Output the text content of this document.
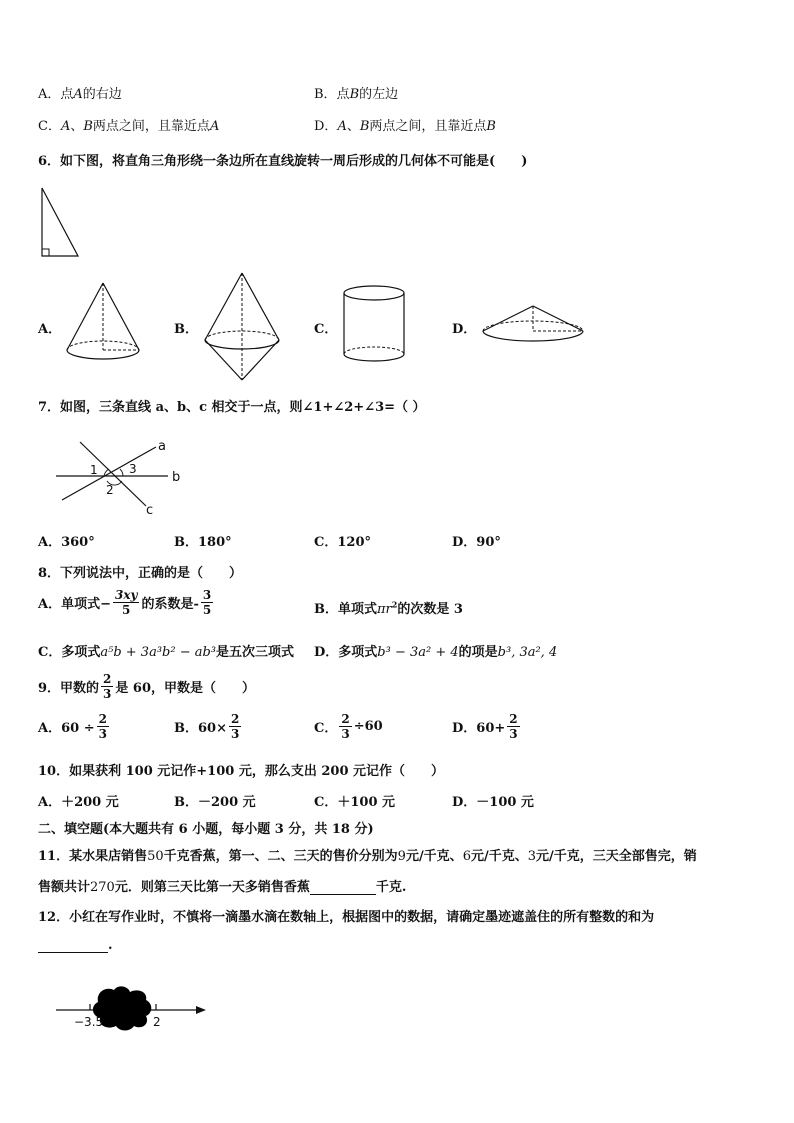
A．点A的右边	B．点B的左边
C．A、B两点之间，且靠近点A	D．A、B两点之间，且靠近点B
6．如下图，将直角三角形绕一条边所在直线旋转一周后形成的几何体不可能是(　　)
A．	B．	C．	D．
7．如图，三条直线 a、b、c 相交于一点，则∠1+∠2+∠3=（ ）
a
b
c
1
2
3
A．360°	B．180°	C．120°	D．90°
8．下列说法中，正确的是（　　）
A．单项式− $\frac{3xy}{5}$ 的系数是- $\frac{3}{5}$	B．单项式$\pi r^2$的次数是 3
C．多项式a⁵b + 3a³b² − ab³是五次三项式 D．多项式b³ − 3a² + 4的项是b³, 3a², 4
9．甲数的 $\frac{2}{3}$ 是 60，甲数是（　　）
A．$60 \div \frac{2}{3}$	B．$60\times \frac{2}{3}$	C． $\frac{2}{3} \div 60$	D．$60+ \frac{2}{3}$
10．如果获利 100 元记作+100 元，那么支出 200 元记作（　　）
A．＋200 元	B．－200 元	C．＋100 元	D．－100 元
二、填空题(本大题共有 6 小题，每小题 3 分，共 18 分)
11．某水果店销售50千克香蕉，第一、二、三天的售价分别为9元/千克、6元/千克、3元/千克，三天全部售完，销
售额共计270元．则第三天比第一天多销售香蕉	千克.
12．小红在写作业时，不慎将一滴墨水滴在数轴上，根据图中的数据，请确定墨迹遮盖住的所有整数的和为
.
−3.5	2
